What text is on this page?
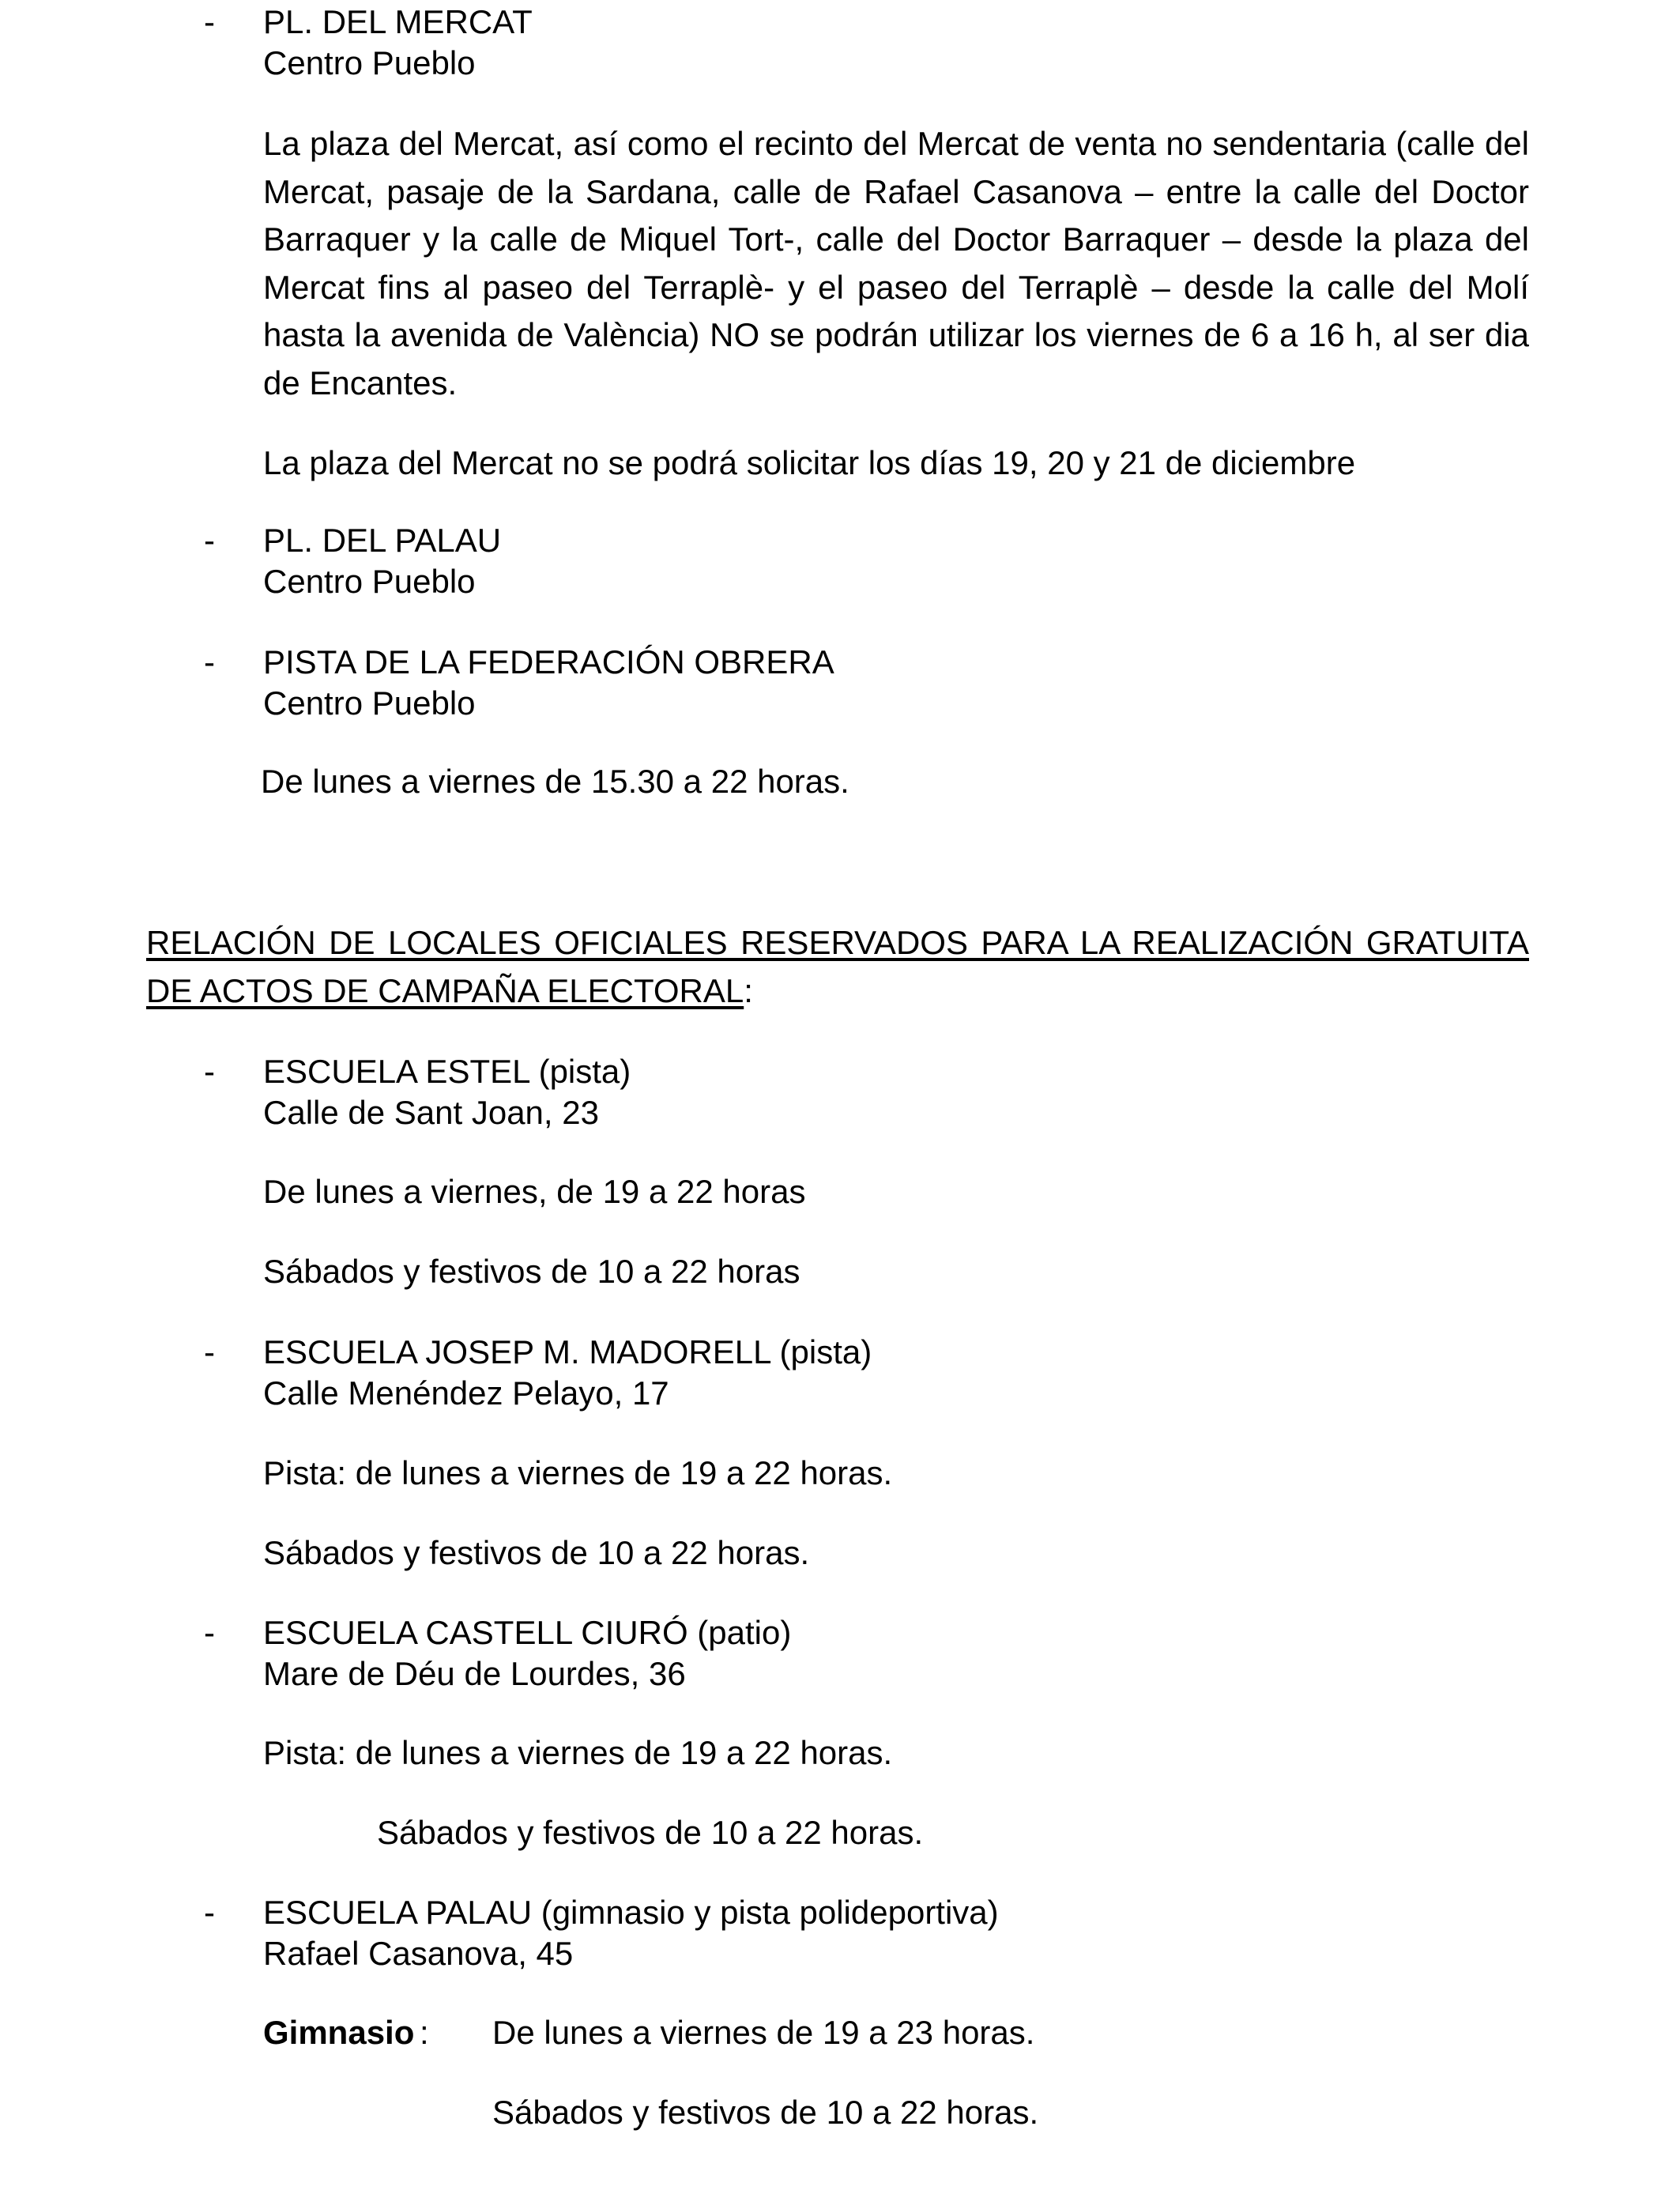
- PL. DEL MERCAT
Centro Pueblo
La plaza del Mercat, así como el recinto del Mercat de venta no sendentaria (calle del Mercat, pasaje de la Sardana, calle de Rafael Casanova – entre la calle del Doctor Barraquer y la calle de Miquel Tort-, calle del Doctor Barraquer – desde la plaza del Mercat fins al paseo del Terraplè- y el paseo del Terraplè – desde la calle del Molí hasta la avenida de València) NO se podrán utilizar los viernes de 6 a 16 h, al ser dia de Encantes.
La plaza del Mercat no se podrá solicitar los días 19, 20 y 21 de diciembre
- PL. DEL PALAU
Centro Pueblo
- PISTA DE LA FEDERACIÓN OBRERA
Centro Pueblo
De lunes a viernes de 15.30 a 22 horas.
RELACIÓN DE LOCALES OFICIALES RESERVADOS PARA LA REALIZACIÓN GRATUITA DE ACTOS DE CAMPAÑA ELECTORAL:
- ESCUELA ESTEL (pista)
Calle de Sant Joan, 23
De lunes a viernes, de 19 a 22 horas
Sábados y festivos de 10 a 22 horas
- ESCUELA JOSEP M. MADORELL (pista)
Calle Menéndez Pelayo, 17
Pista: de lunes a viernes de 19 a 22 horas.
Sábados y festivos de 10 a 22 horas.
- ESCUELA CASTELL CIURÓ (patio)
Mare de Déu de Lourdes, 36
Pista: de lunes a viernes de 19 a 22 horas.
Sábados y festivos de 10 a 22 horas.
- ESCUELA PALAU (gimnasio y pista polideportiva)
Rafael Casanova, 45
Gimnasio : De lunes a viernes de 19 a 23 horas.
Sábados y festivos de 10 a 22 horas.
